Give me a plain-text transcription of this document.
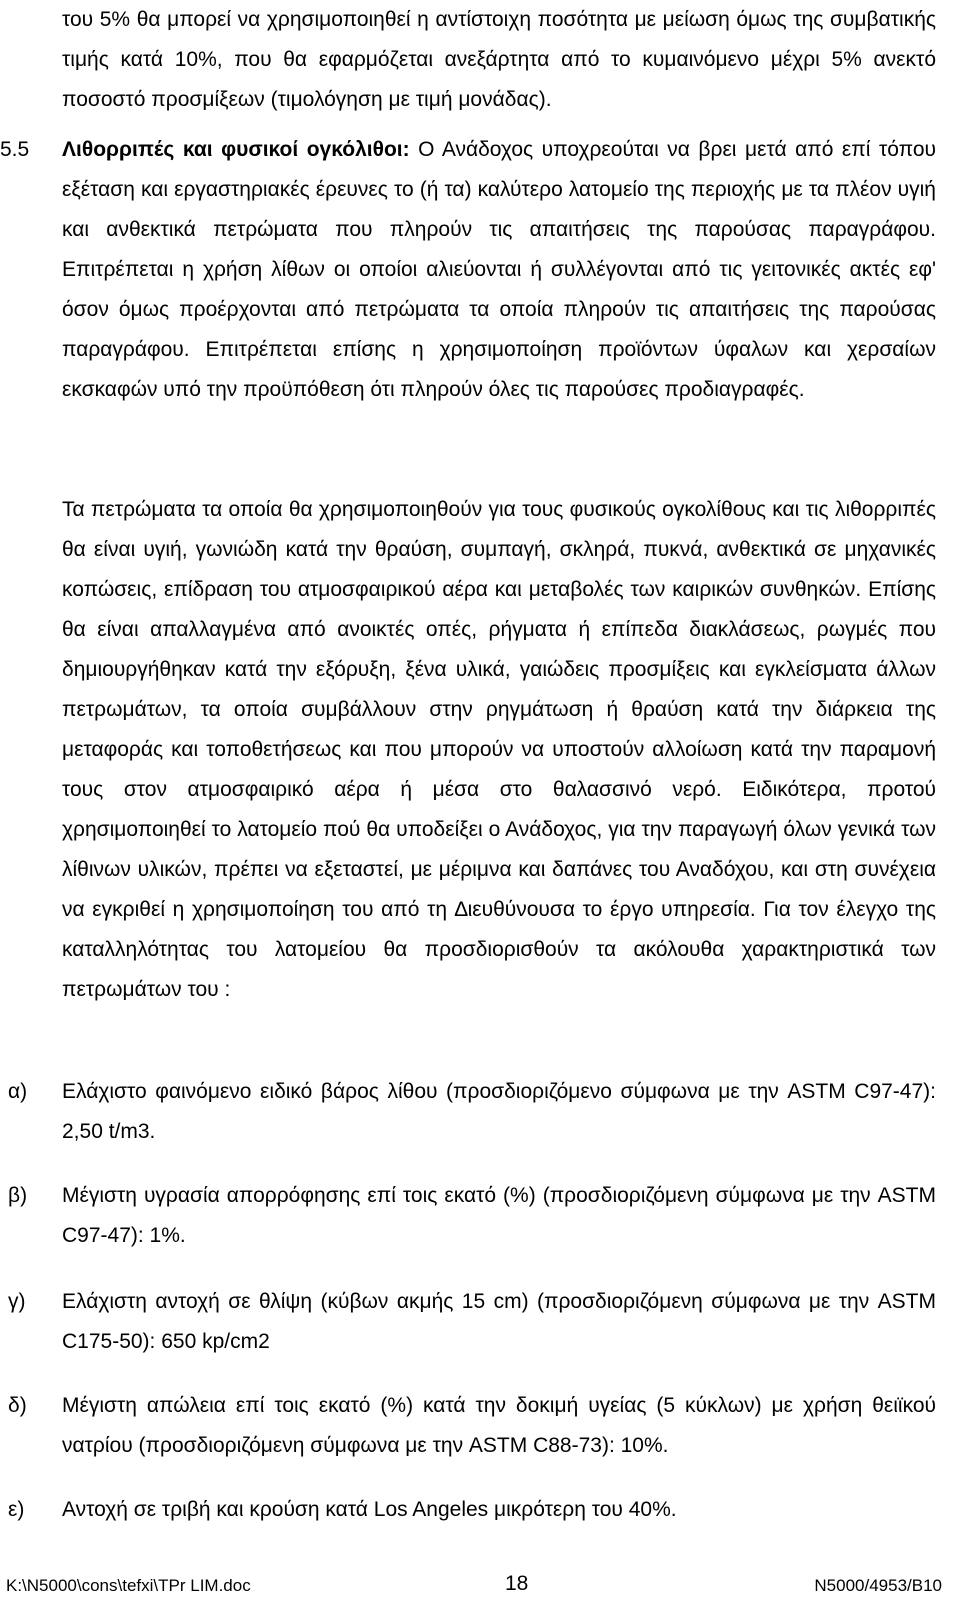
του 5% θα μπορεί να χρησιμοποιηθεί η αντίστοιχη ποσότητα με μείωση όμως της συμβατικής τιμής κατά 10%, που θα εφαρμόζεται ανεξάρτητα από το κυμαινόμενο μέχρι 5% ανεκτό ποσοστό προσμίξεων (τιμολόγηση με τιμή μονάδας).

5.5	Λιθορριπές και φυσικοί ογκόλιθοι: Ο Ανάδοχος υποχρεούται να βρει μετά από επί τόπου εξέταση και εργαστηριακές έρευνες το (ή τα) καλύτερο λατομείο της περιοχής με τα πλέον υγιή και ανθεκτικά πετρώματα που πληρούν τις απαιτήσεις της παρούσας παραγράφου. Επιτρέπεται η χρήση λίθων οι οποίοι αλιεύονται ή συλλέγονται από τις γειτονικές ακτές εφ' όσον όμως προέρχονται από πετρώματα τα οποία πληρούν τις απαιτήσεις της παρούσας παραγράφου. Επιτρέπεται επίσης η χρησιμοποίηση προϊόντων ύφαλων και χερσαίων εκσκαφών υπό την προϋπόθεση ότι πληρούν όλες τις παρούσες προδιαγραφές.

Τα πετρώματα τα οποία θα χρησιμοποιηθούν για τους φυσικούς ογκολίθους και τις λιθορριπές θα είναι υγιή, γωνιώδη κατά την θραύση, συμπαγή, σκληρά, πυκνά, ανθεκτικά σε μηχανικές κοπώσεις, επίδραση του ατμοσφαιρικού αέρα και μεταβολές των καιρικών συνθηκών. Επίσης θα είναι απαλλαγμένα από ανοικτές οπές, ρήγματα ή επίπεδα διακλάσεως, ρωγμές που δημιουργήθηκαν κατά την εξόρυξη, ξένα υλικά, γαιώδεις προσμίξεις και εγκλείσματα άλλων πετρωμάτων, τα οποία συμβάλλουν στην ρηγμάτωση ή θραύση κατά την διάρκεια της μεταφοράς και τοποθετήσεως και που μπορούν να υποστούν αλλοίωση κατά την παραμονή τους στον ατμοσφαιρικό αέρα ή μέσα στο θαλασσινό νερό. Ειδικότερα, προτού χρησιμοποιηθεί το λατομείο πού θα υποδείξει ο Ανάδοχος, για την παραγωγή όλων γενικά των λίθινων υλικών, πρέπει να εξεταστεί, με μέριμνα και δαπάνες του Αναδόχου, και στη συνέχεια να εγκριθεί η χρησιμοποίηση του από τη ∆ιευθύνουσα το έργο υπηρεσία. Για τον έλεγχο της καταλληλότητας του λατομείου θα προσδιορισθούν τα ακόλουθα χαρακτηριστικά των πετρωμάτων του :

α) Ελάχιστο φαινόμενο ειδικό βάρος λίθου (προσδιοριζόμενο σύμφωνα με την ASTM C97-47): 2,50 t/m3.
β) Μέγιστη υγρασία απορρόφησης επί τοις εκατό (%) (προσδιοριζόμενη σύμφωνα με την ASTM C97-47): 1%.
γ) Ελάχιστη αντοχή σε θλίψη (κύβων ακμής 15 cm) (προσδιοριζόμενη σύμφωνα με την ASTM C175-50): 650 kp/cm2
δ) Μέγιστη απώλεια επί τοις εκατό (%) κατά την δοκιμή υγείας (5 κύκλων) με χρήση θειϊκού νατρίου (προσδιοριζόμενη σύμφωνα με την ASTM C88-73): 10%.
ε) Αντοχή σε τριβή και κρούση κατά Los Angeles μικρότερη του 40%.
K:\N5000\cons\tefxi\TPr LIM.doc	18	N5000/4953/B10
